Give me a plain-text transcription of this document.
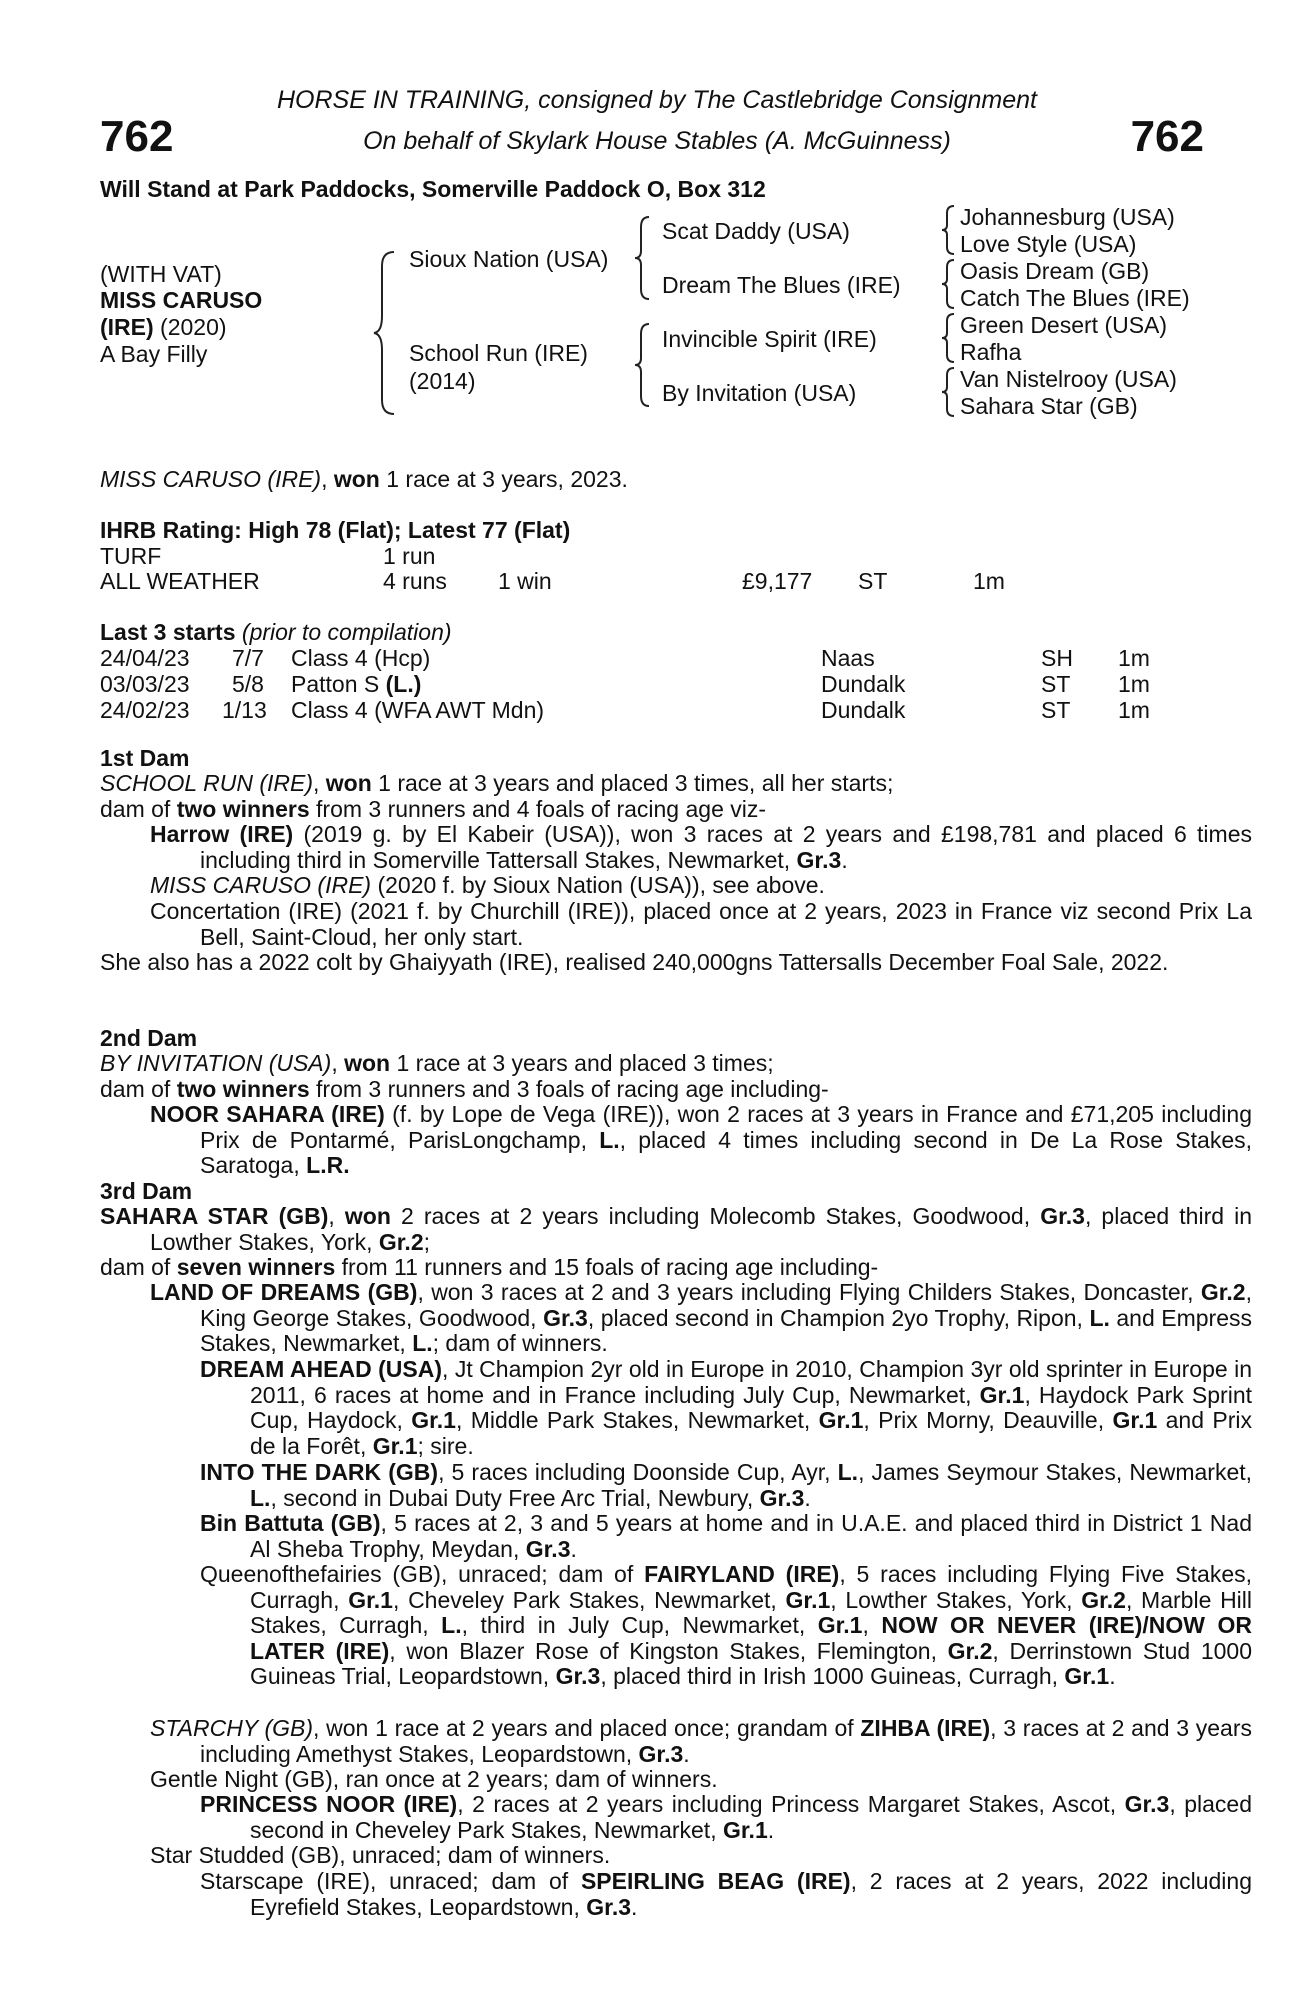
762	762
HORSE IN TRAINING, consigned by The Castlebridge Consignment
On behalf of Skylark House Stables (A. McGuinness)
Will Stand at Park Paddocks, Somerville Paddock O, Box 312
(WITH VAT)
MISS CARUSO
(IRE) (2020)
A Bay Filly
Sioux Nation (USA)
School Run (IRE)
(2014)
Scat Daddy (USA)
Dream The Blues (IRE)
Invincible Spirit (IRE)
By Invitation (USA)
Johannesburg (USA)
Love Style (USA)
Oasis Dream (GB)
Catch The Blues (IRE)
Green Desert (USA)
Rafha
Van Nistelrooy (USA)
Sahara Star (GB)
MISS CARUSO (IRE), won 1 race at 3 years, 2023.
IHRB Rating: High 78 (Flat); Latest 77 (Flat)
TURF	1 run
ALL WEATHER	4 runs 1 win	£9,177 ST	1m
Last 3 starts (prior to compilation)
24/04/23 7/7 Class 4 (Hcp)	Naas	SH 1m
03/03/23 5/8 Patton S (L.)	Dundalk	ST 1m
24/02/23 1/13 Class 4 (WFA AWT Mdn)	Dundalk	ST 1m
1st Dam
SCHOOL RUN (IRE), won 1 race at 3 years and placed 3 times, all her starts;
dam of two winners from 3 runners and 4 foals of racing age viz-
Harrow (IRE) (2019 g. by El Kabeir (USA)), won 3 races at 2 years and £198,781 and placed 6 times including third in Somerville Tattersall Stakes, Newmarket, Gr.3.
MISS CARUSO (IRE) (2020 f. by Sioux Nation (USA)), see above.
Concertation (IRE) (2021 f. by Churchill (IRE)), placed once at 2 years, 2023 in France viz second Prix La Bell, Saint-Cloud, her only start.
She also has a 2022 colt by Ghaiyyath (IRE), realised 240,000gns Tattersalls December Foal Sale, 2022.
2nd Dam
BY INVITATION (USA), won 1 race at 3 years and placed 3 times;
dam of two winners from 3 runners and 3 foals of racing age including-
NOOR SAHARA (IRE) (f. by Lope de Vega (IRE)), won 2 races at 3 years in France and £71,205 including Prix de Pontarmé, ParisLongchamp, L., placed 4 times including second in De La Rose Stakes, Saratoga, L.R.
3rd Dam
SAHARA STAR (GB), won 2 races at 2 years including Molecomb Stakes, Goodwood, Gr.3, placed third in Lowther Stakes, York, Gr.2;
dam of seven winners from 11 runners and 15 foals of racing age including-
LAND OF DREAMS (GB), won 3 races at 2 and 3 years including Flying Childers Stakes, Doncaster, Gr.2, King George Stakes, Goodwood, Gr.3, placed second in Champion 2yo Trophy, Ripon, L. and Empress Stakes, Newmarket, L.; dam of winners.
DREAM AHEAD (USA), Jt Champion 2yr old in Europe in 2010, Champion 3yr old sprinter in Europe in 2011, 6 races at home and in France including July Cup, Newmarket, Gr.1, Haydock Park Sprint Cup, Haydock, Gr.1, Middle Park Stakes, Newmarket, Gr.1, Prix Morny, Deauville, Gr.1 and Prix de la Forêt, Gr.1; sire.
INTO THE DARK (GB), 5 races including Doonside Cup, Ayr, L., James Seymour Stakes, Newmarket, L., second in Dubai Duty Free Arc Trial, Newbury, Gr.3.
Bin Battuta (GB), 5 races at 2, 3 and 5 years at home and in U.A.E. and placed third in District 1 Nad Al Sheba Trophy, Meydan, Gr.3.
Queenofthefairies (GB), unraced; dam of FAIRYLAND (IRE), 5 races including Flying Five Stakes, Curragh, Gr.1, Cheveley Park Stakes, Newmarket, Gr.1, Lowther Stakes, York, Gr.2, Marble Hill Stakes, Curragh, L., third in July Cup, Newmarket, Gr.1, NOW OR NEVER (IRE)/NOW OR LATER (IRE), won Blazer Rose of Kingston Stakes, Flemington, Gr.2, Derrinstown Stud 1000 Guineas Trial, Leopardstown, Gr.3, placed third in Irish 1000 Guineas, Curragh, Gr.1.
STARCHY (GB), won 1 race at 2 years and placed once; grandam of ZIHBA (IRE), 3 races at 2 and 3 years including Amethyst Stakes, Leopardstown, Gr.3.
Gentle Night (GB), ran once at 2 years; dam of winners.
PRINCESS NOOR (IRE), 2 races at 2 years including Princess Margaret Stakes, Ascot, Gr.3, placed second in Cheveley Park Stakes, Newmarket, Gr.1.
Star Studded (GB), unraced; dam of winners.
Starscape (IRE), unraced; dam of SPEIRLING BEAG (IRE), 2 races at 2 years, 2022 including Eyrefield Stakes, Leopardstown, Gr.3.
